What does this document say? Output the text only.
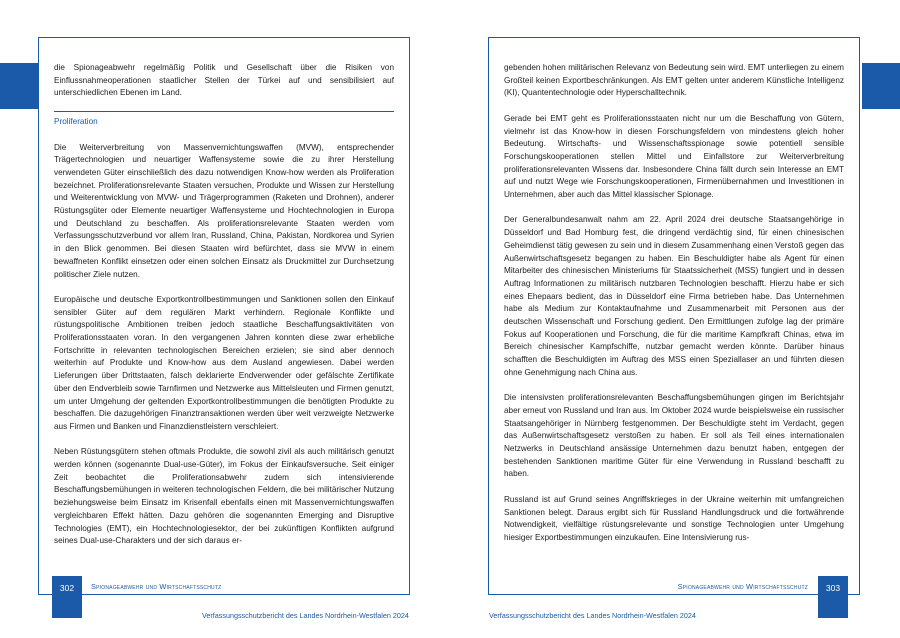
die Spionageabwehr regelmäßig Politik und Gesellschaft über die Risiken von Einflussnahmeoperationen staatlicher Stellen der Türkei auf und sensibilisiert auf unterschiedlichen Ebenen im Land.

Proliferation

Die Weiterverbreitung von Massenvernichtungswaffen (MVW), entsprechender Trägertechnologien und neuartiger Waffensysteme sowie die zu ihrer Herstellung verwendeten Güter einschließlich des dazu notwendigen Know-how werden als Proliferation bezeichnet. Proliferationsrelevante Staaten versuchen, Produkte und Wissen zur Herstellung und Weiterentwicklung von MVW- und Trägerprogrammen (Raketen und Drohnen), anderer Rüstungsgüter oder Elemente neuartiger Waffensysteme und Hochtechnologien in Europa und Deutschland zu beschaffen. Als proliferationsrelevante Staaten werden vom Verfassungsschutzverbund vor allem Iran, Russland, China, Pakistan, Nordkorea und Syrien in den Blick genommen. Bei diesen Staaten wird befürchtet, dass sie MVW in einem bewaffneten Konflikt einsetzen oder einen solchen Einsatz als Druckmittel zur Durchsetzung politischer Ziele nutzen.

Europäische und deutsche Exportkontrollbestimmungen und Sanktionen sollen den Einkauf sensibler Güter auf dem regulären Markt verhindern. Regionale Konflikte und rüstungspolitische Ambitionen treiben jedoch staatliche Beschaffungsaktivitäten von Proliferationsstaaten voran. In den vergangenen Jahren konnten diese zwar erhebliche Fortschritte in relevanten technologischen Bereichen erzielen; sie sind aber dennoch weiterhin auf Produkte und Know-how aus dem Ausland angewiesen. Dabei werden Lieferungen über Drittstaaten, falsch deklarierte Endverwender oder gefälschte Zertifikate über den Endverbleib sowie Tarnfirmen und Netzwerke aus Mittelsleuten und Firmen genutzt, um unter Umgehung der geltenden Exportkontrollbestimmungen die benötigten Produkte zu beschaffen. Die dazugehörigen Finanztransaktionen werden über weit verzweigte Netzwerke aus Firmen und Banken und Finanzdienstleistern verschleiert.

Neben Rüstungsgütern stehen oftmals Produkte, die sowohl zivil als auch militärisch genutzt werden können (sogenannte Dual-use-Güter), im Fokus der Einkaufsversuche. Seit einiger Zeit beobachtet die Proliferationsabwehr zudem sich intensivierende Beschaffungsbemühungen in weiteren technologischen Feldern, die bei militärischer Nutzung beziehungsweise beim Einsatz im Krisenfall ebenfalls einen mit Massenvernichtungswaffen vergleichbaren Effekt hätten. Dazu gehören die sogenannten Emerging and Disruptive Technologies (EMT), ein Hochtechnologiesektor, der bei zukünftigen Konflikten aufgrund seines Dual-use-Charakters und der sich daraus er-

gebenden hohen militärischen Relevanz von Bedeutung sein wird. EMT unterliegen zu einem Großteil keinen Exportbeschränkungen. Als EMT gelten unter anderem Künstliche Intelligenz (KI), Quantentechnologie oder Hyperschalltechnik.

Gerade bei EMT geht es Proliferationsstaaten nicht nur um die Beschaffung von Gütern, vielmehr ist das Know-how in diesen Forschungsfeldern von mindestens gleich hoher Bedeutung. Wirtschafts- und Wissenschaftsspionage sowie potentiell sensible Forschungskooperationen stellen Mittel und Einfallstore zur Weiterverbreitung proliferationsrelevanten Wissens dar. Insbesondere China fällt durch sein Interesse an EMT auf und nutzt Wege wie Forschungskooperationen, Firmenübernahmen und Investitionen in Unternehmen, aber auch das Mittel klassischer Spionage.

Der Generalbundesanwalt nahm am 22. April 2024 drei deutsche Staatsangehörige in Düsseldorf und Bad Homburg fest, die dringend verdächtig sind, für einen chinesischen Geheimdienst tätig gewesen zu sein und in diesem Zusammenhang einen Verstoß gegen das Außenwirtschaftsgesetz begangen zu haben. Ein Beschuldigter habe als Agent für einen Mitarbeiter des chinesischen Ministeriums für Staatssicherheit (MSS) fungiert und in dessen Auftrag Informationen zu militärisch nutzbaren Technologien beschafft. Hierzu habe er sich eines Ehepaars bedient, das in Düsseldorf eine Firma betrieben habe. Das Unternehmen habe als Medium zur Kontaktaufnahme und Zusammenarbeit mit Personen aus der deutschen Wissenschaft und Forschung gedient. Den Ermittlungen zufolge lag der primäre Fokus auf Kooperationen und Forschung, die für die maritime Kampfkraft Chinas, etwa im Bereich chinesischer Kampfschiffe, nutzbar gemacht werden könnte. Darüber hinaus schafften die Beschuldigten im Auftrag des MSS einen Speziallaser an und führten diesen ohne Genehmigung nach China aus.

Die intensivsten proliferationsrelevanten Beschaffungsbemühungen gingen im Berichtsjahr aber erneut von Russland und Iran aus. Im Oktober 2024 wurde beispielsweise ein russischer Staatsangehöriger in Nürnberg festgenommen. Der Beschuldigte steht im Verdacht, gegen das Außenwirtschaftsgesetz verstoßen zu haben. Er soll als Teil eines internationalen Netzwerks in Deutschland ansässige Unternehmen dazu benutzt haben, entgegen der bestehenden Sanktionen maritime Güter für eine Verwendung in Russland beschafft zu haben.

Russland ist auf Grund seines Angriffskrieges in der Ukraine weiterhin mit umfangreichen Sanktionen belegt. Daraus ergibt sich für Russland Handlungsdruck und die fortwährende Notwendigkeit, vielfältige rüstungsrelevante und sonstige Technologien unter Umgehung hiesiger Exportbestimmungen einzukaufen. Eine Intensivierung rus-

302	303
Spionageabwehr und Wirtschaftsschutz	Spionageabwehr und Wirtschaftsschutz
Verfassungsschutzbericht des Landes Nordrhein-Westfalen 2024	Verfassungsschutzbericht des Landes Nordrhein-Westfalen 2024
